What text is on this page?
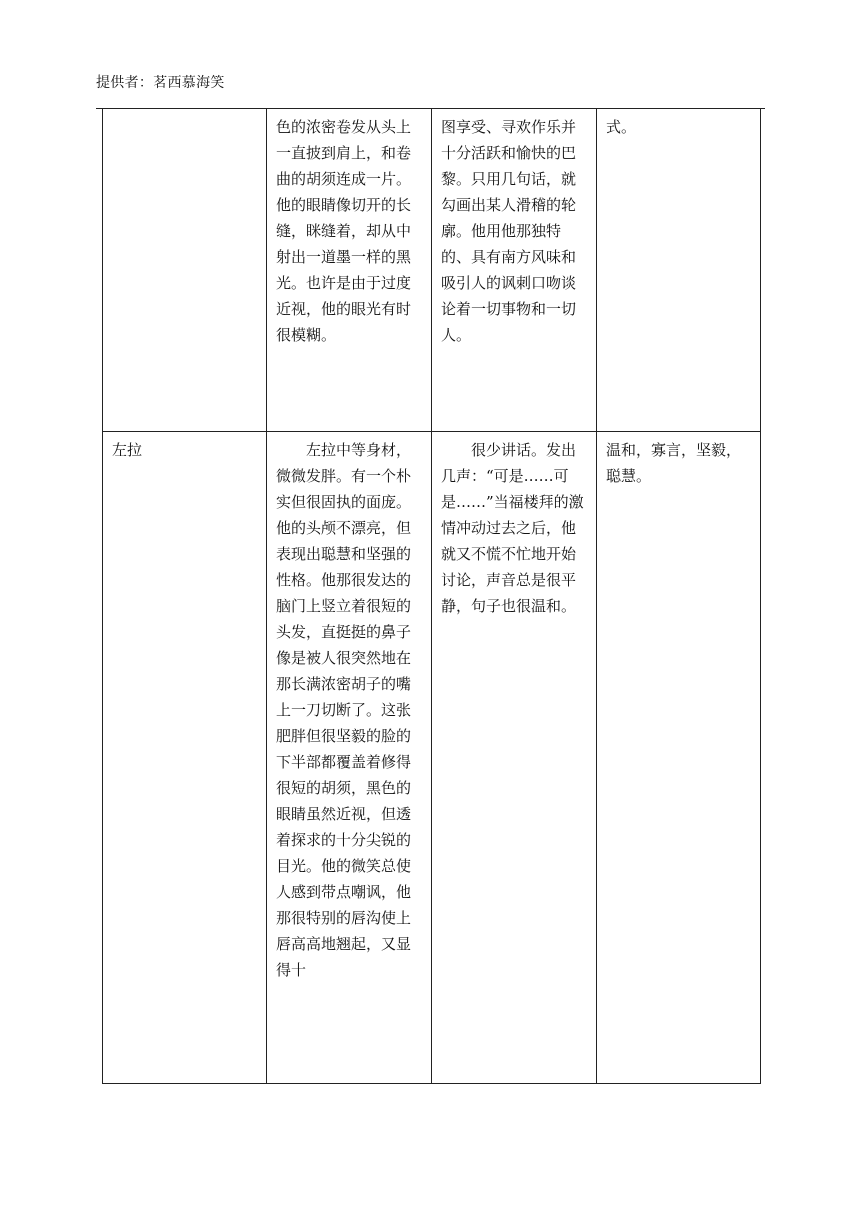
提供者：茗西慕海笑

	色的浓密卷发从头上一直披到肩上，和卷曲的胡须连成一片。他的眼睛像切开的长缝，眯缝着，却从中射出一道墨一样的黑光。也许是由于过度近视，他的眼光有时很模糊。	图享受、寻欢作乐并十分活跃和愉快的巴黎。只用几句话，就勾画出某人滑稽的轮廓。他用他那独特的、具有南方风味和吸引人的讽刺口吻谈论着一切事物和一切人。	式。

左拉	左拉中等身材，微微发胖。有一个朴实但很固执的面庞。他的头颅不漂亮，但表现出聪慧和坚强的性格。他那很发达的脑门上竖立着很短的头发，直挺挺的鼻子像是被人很突然地在那长满浓密胡子的嘴上一刀切断了。这张肥胖但很坚毅的脸的下半部都覆盖着修得很短的胡须，黑色的眼睛虽然近视，但透着探求的十分尖锐的目光。他的微笑总使人感到带点嘲讽，他那很特别的唇沟使上唇高高地翘起，又显得十	很少讲话。发出几声：“可是……可是……”当福楼拜的激情冲动过去之后，他就又不慌不忙地开始讨论，声音总是很平静，句子也很温和。	温和，寡言，坚毅，聪慧。
